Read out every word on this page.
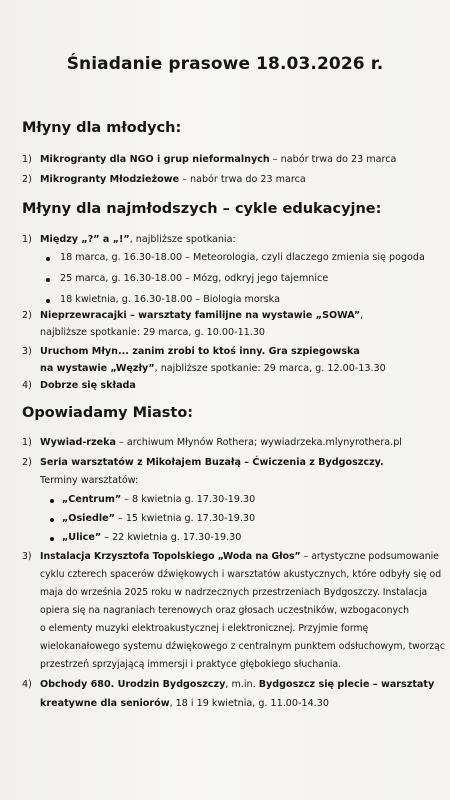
Śniadanie prasowe 18.03.2026 r.
Młyny dla młodych:
1) Mikrogranty dla NGO i grup nieformalnych – nabór trwa do 23 marca
2) Mikrogranty Młodzieżowe – nabór trwa do 23 marca
Młyny dla najmłodszych – cykle edukacyjne:
1) Między „?” a „!”, najbliższe spotkania:
18 marca, g. 16.30-18.00 – Meteorologia, czyli dlaczego zmienia się pogoda
25 marca, g. 16.30-18.00 – Mózg, odkryj jego tajemnice
18 kwietnia, g. 16.30-18.00 – Biologia morska
2) Nieprzewracajki – warsztaty familijne na wystawie „SOWA”,
najbliższe spotkanie: 29 marca, g. 10.00-11.30
3) Uruchom Młyn... zanim zrobi to ktoś inny. Gra szpiegowska
na wystawie „Węzły”, najbliższe spotkanie: 29 marca, g. 12.00-13.30
4) Dobrze się składa
Opowiadamy Miasto:
1) Wywiad-rzeka – archiwum Młynów Rothera; wywiadrzeka.mlynyrothera.pl
2) Seria warsztatów z Mikołajem Buzałą – Ćwiczenia z Bydgoszczy.
Terminy warsztatów:
„Centrum” – 8 kwietnia g. 17.30-19.30
„Osiedle” – 15 kwietnia g. 17.30-19.30
„Ulice” – 22 kwietnia g. 17.30-19.30
3) Instalacja Krzysztofa Topolskiego „Woda na Głos” – artystyczne podsumowanie
cyklu czterech spacerów dźwiękowych i warsztatów akustycznych, które odbyły się od
maja do września 2025 roku w nadrzecznych przestrzeniach Bydgoszczy. Instalacja
opiera się na nagraniach terenowych oraz głosach uczestników, wzbogaconych
o elementy muzyki elektroakustycznej i elektronicznej. Przyjmie formę
wielokanałowego systemu dźwiękowego z centralnym punktem odsłuchowym, tworząc
przestrzeń sprzyjającą immersji i praktyce głębokiego słuchania.
4) Obchody 680. Urodzin Bydgoszczy, m.in. Bydgoszcz się plecie – warsztaty
kreatywne dla seniorów, 18 i 19 kwietnia, g. 11.00-14.30
